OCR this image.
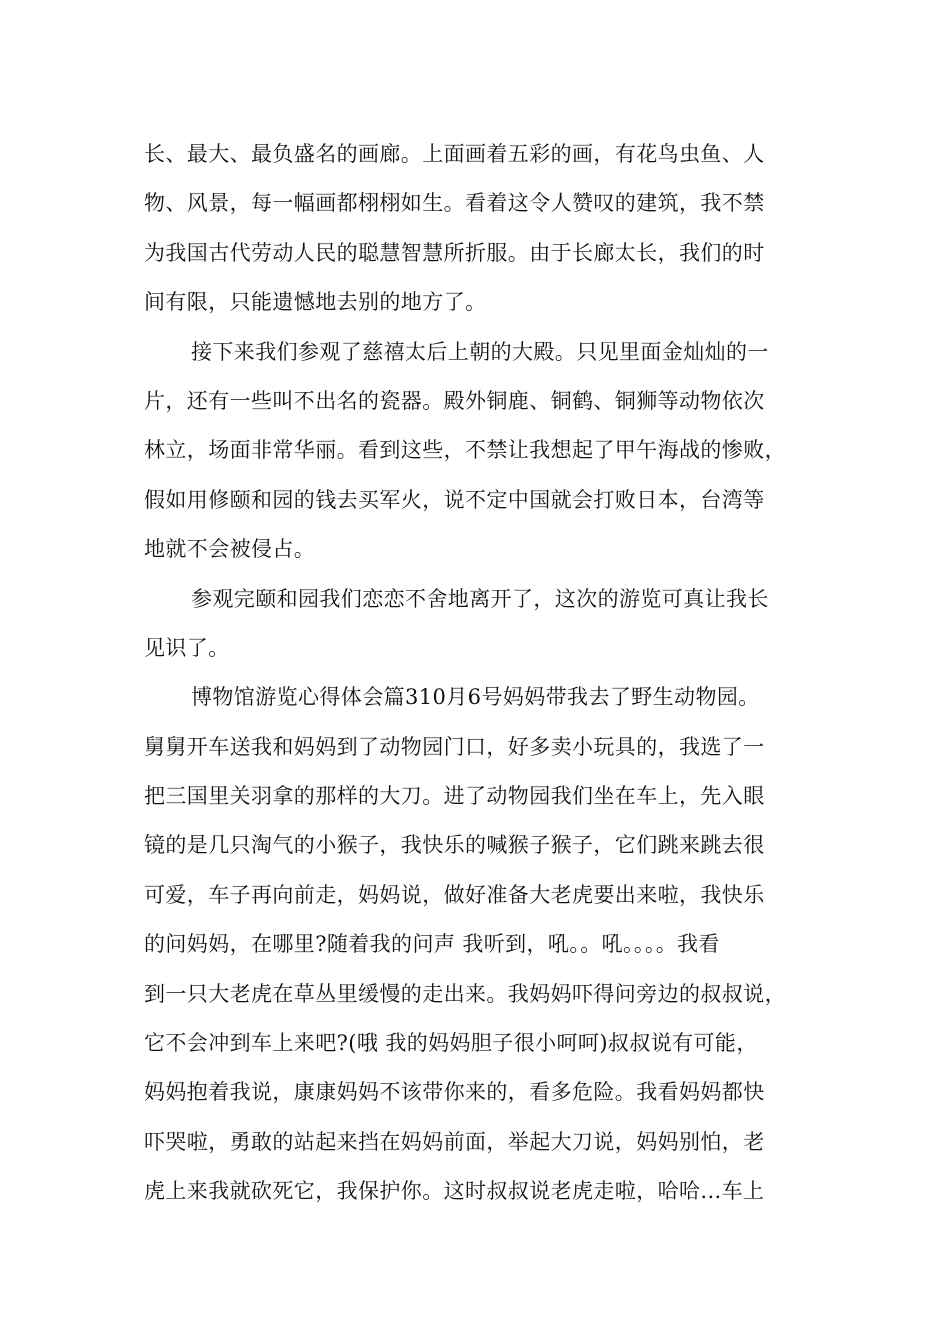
长、最大、最负盛名的画廊。上面画着五彩的画，有花鸟虫鱼、人

物、风景，每一幅画都栩栩如生。看着这令人赞叹的建筑，我不禁

为我国古代劳动人民的聪慧智慧所折服。由于长廊太长，我们的时

间有限，只能遗憾地去别的地方了。

接下来我们参观了慈禧太后上朝的大殿。只见里面金灿灿的一

片，还有一些叫不出名的瓷器。殿外铜鹿、铜鹤、铜狮等动物依次

林立，场面非常华丽。看到这些，不禁让我想起了甲午海战的惨败，

假如用修颐和园的钱去买军火，说不定中国就会打败日本，台湾等

地就不会被侵占。

参观完颐和园我们恋恋不舍地离开了，这次的游览可真让我长

见识了。

博物馆游览心得体会篇310月6号妈妈带我去了野生动物园。

舅舅开车送我和妈妈到了动物园门口，好多卖小玩具的，我选了一

把三国里关羽拿的那样的大刀。进了动物园我们坐在车上，先入眼

镜的是几只淘气的小猴子，我快乐的喊猴子猴子，它们跳来跳去很

可爱，车子再向前走，妈妈说，做好准备大老虎要出来啦，我快乐

的问妈妈，在哪里?随着我的问声 我听到，吼。。吼。。。。我看

到一只大老虎在草丛里缓慢的走出来。我妈妈吓得问旁边的叔叔说，

它不会冲到车上来吧?(哦 我的妈妈胆子很小呵呵)叔叔说有可能，

妈妈抱着我说，康康妈妈不该带你来的，看多危险。我看妈妈都快

吓哭啦，勇敢的站起来挡在妈妈前面，举起大刀说，妈妈别怕，老

虎上来我就砍死它，我保护你。这时叔叔说老虎走啦，哈哈...车上
